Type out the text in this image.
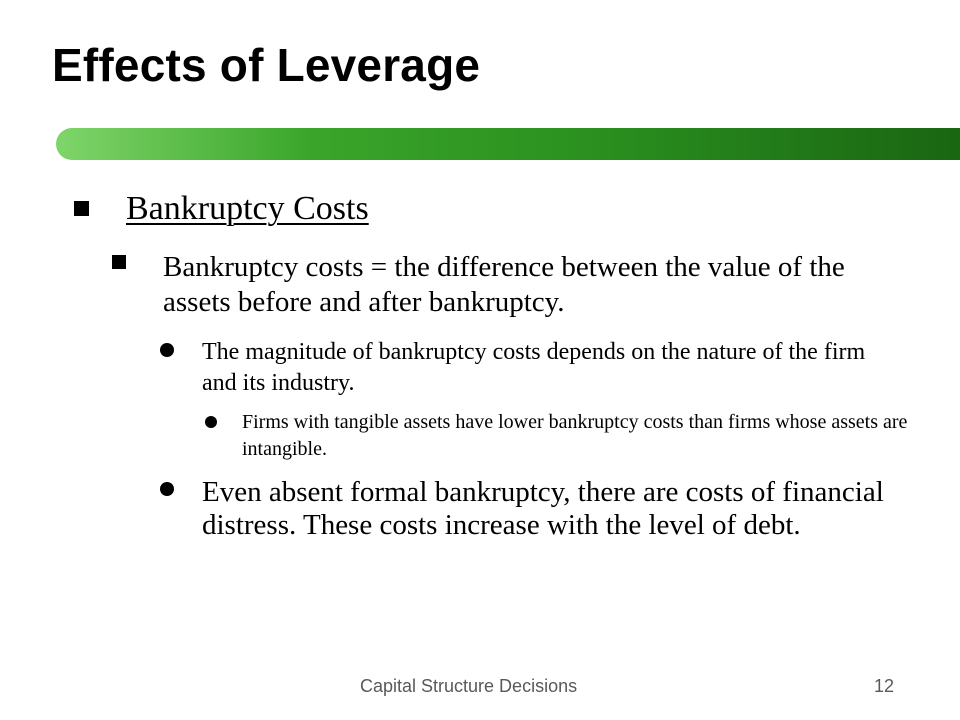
Effects of Leverage
Bankruptcy Costs
Bankruptcy costs = the difference between the value of the assets before and after bankruptcy.
The magnitude of bankruptcy costs depends on the nature of the firm and its industry.
Firms with tangible assets have lower bankruptcy costs than firms whose assets are intangible.
Even absent formal bankruptcy, there are costs of financial distress. These costs increase with the level of debt.
Capital Structure Decisions	12
